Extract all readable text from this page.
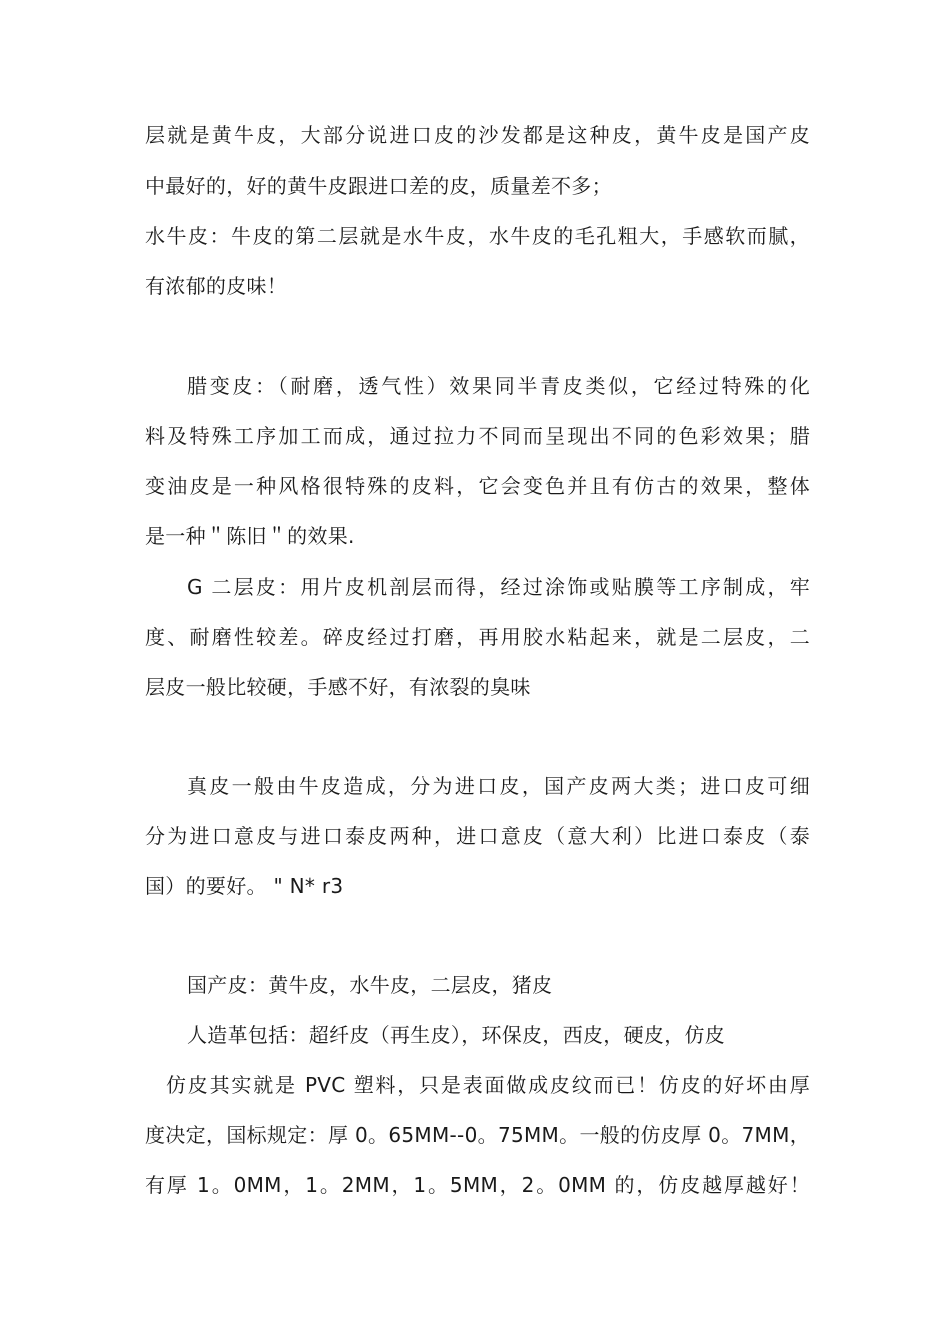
层就是黄牛皮，大部分说进口皮的沙发都是这种皮，黄牛皮是国产皮
中最好的，好的黄牛皮跟进口差的皮，质量差不多；
水牛皮：牛皮的第二层就是水牛皮，水牛皮的毛孔粗大，手感软而腻，
有浓郁的皮味！
腊变皮：（耐磨，透气性）效果同半青皮类似，它经过特殊的化
料及特殊工序加工而成，通过拉力不同而呈现出不同的色彩效果；腊
变油皮是一种风格很特殊的皮料，它会变色并且有仿古的效果，整体
是一种＂陈旧＂的效果.
G 二层皮：用片皮机剖层而得，经过涂饰或贴膜等工序制成，牢
度、耐磨性较差。碎皮经过打磨，再用胶水粘起来，就是二层皮，二
层皮一般比较硬，手感不好，有浓裂的臭味
真皮一般由牛皮造成，分为进口皮，国产皮两大类；进口皮可细
分为进口意皮与进口泰皮两种，进口意皮（意大利）比进口泰皮（泰
国）的要好。 " N* r3
国产皮：黄牛皮，水牛皮，二层皮，猪皮
人造革包括：超纤皮（再生皮），环保皮，西皮，硬皮，仿皮
仿皮其实就是 PVC 塑料，只是表面做成皮纹而已！仿皮的好坏由厚
度决定，国标规定：厚 0。65MM--0。75MM。一般的仿皮厚 0。7MM，
有厚 1。0MM，1。2MM，1。5MM，2。0MM 的，仿皮越厚越好！
